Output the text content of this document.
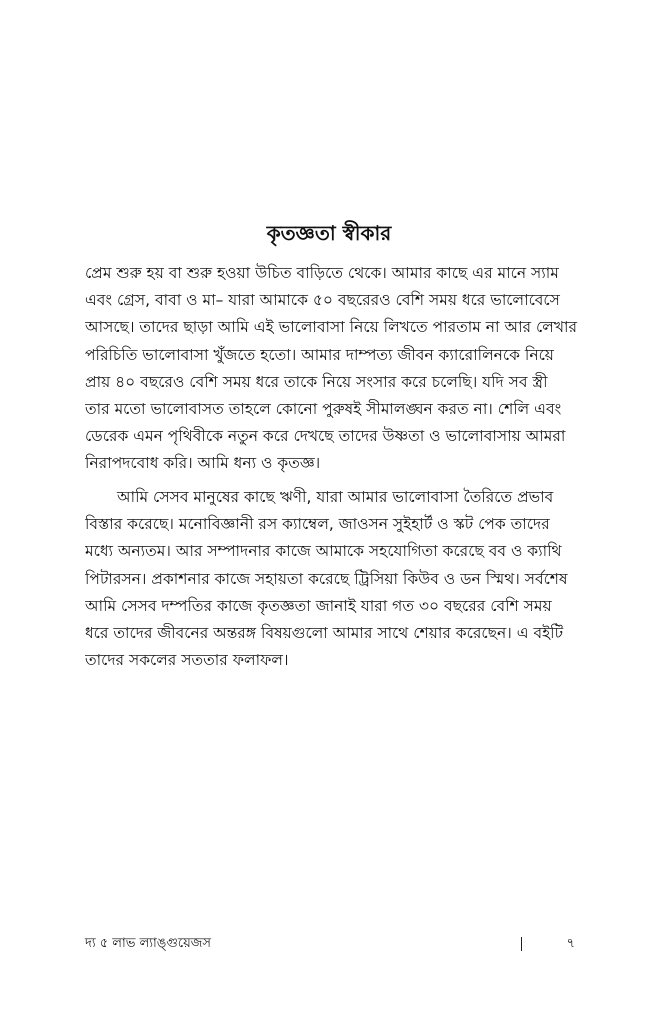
কৃতজ্ঞতা স্বীকার
প্রেম শুরু হয় বা শুরু হওয়া উচিত বাড়িতে থেকে। আমার কাছে এর মানে স্যাম
এবং গ্রেস, বাবা ও মা– যারা আমাকে ৫০ বছরেরও বেশি সময় ধরে ভালোবেসে
আসছে। তাদের ছাড়া আমি এই ভালোবাসা নিয়ে লিখতে পারতাম না আর লেখার
পরিচিতি ভালোবাসা খুঁজতে হতো। আমার দাম্পত্য জীবন ক্যারোলিনকে নিয়ে
প্রায় ৪০ বছরেও বেশি সময় ধরে তাকে নিয়ে সংসার করে চলেছি। যদি সব স্ত্রী
তার মতো ভালোবাসত তাহলে কোনো পুরুষই সীমালঙ্ঘন করত না। শেলি এবং
ডেরেক এমন পৃথিবীকে নতুন করে দেখছে তাদের উষ্ণতা ও ভালোবাসায় আমরা
নিরাপদবোধ করি। আমি ধন্য ও কৃতজ্ঞ।
আমি সেসব মানুষের কাছে ঋণী, যারা আমার ভালোবাসা তৈরিতে প্রভাব
বিস্তার করেছে। মনোবিজ্ঞানী রস ক্যাম্বেল, জাওসন সুইহার্ট ও স্কট পেক তাদের
মধ্যে অন্যতম। আর সম্পাদনার কাজে আমাকে সহযোগিতা করেছে বব ও ক্যাথি
পিটারসন। প্রকাশনার কাজে সহায়তা করেছে ট্রিসিয়া কিউব ও ডন স্মিথ। সর্বশেষ
আমি সেসব দম্পতির কাজে কৃতজ্ঞতা জানাই যারা গত ৩০ বছরের বেশি সময়
ধরে তাদের জীবনের অন্তরঙ্গ বিষয়গুলো আমার সাথে শেয়ার করেছেন। এ বইটি
তাদের সকলের সততার ফলাফল।
দ্য ৫ লাভ ল্যাঙ্গুয়েজস	৭
